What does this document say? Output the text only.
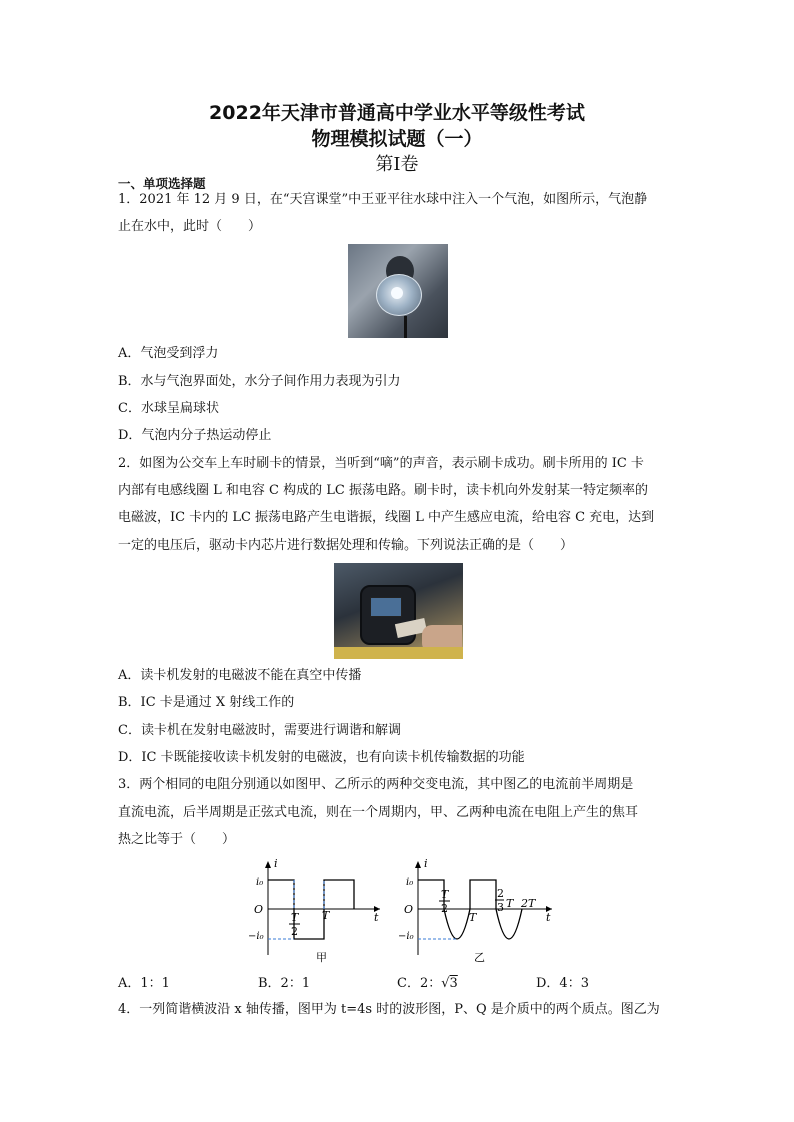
2022年天津市普通高中学业水平等级性考试
物理模拟试题（一）
第Ⅰ卷
一、单项选择题
1．2021 年 12 月 9 日，在“天宫课堂”中王亚平往水球中注入一个气泡，如图所示，气泡静
止在水中，此时（　　）
A．气泡受到浮力
B．水与气泡界面处，水分子间作用力表现为引力
C．水球呈扁球状
D．气泡内分子热运动停止
2．如图为公交车上车时刷卡的情景，当听到“嘀”的声音，表示刷卡成功。刷卡所用的 IC 卡
内部有电感线圈 L 和电容 C 构成的 LC 振荡电路。刷卡时，读卡机向外发射某一特定频率的
电磁波，IC 卡内的 LC 振荡电路产生电谐振，线圈 L 中产生感应电流，给电容 C 充电，达到
一定的电压后，驱动卡内芯片进行数据处理和传输。下列说法正确的是（　　）
A．读卡机发射的电磁波不能在真空中传播
B．IC 卡是通过 X 射线工作的
C．读卡机在发射电磁波时，需要进行调谐和解调
D．IC 卡既能接收读卡机发射的电磁波，也有向读卡机传输数据的功能
3．两个相同的电阻分别通以如图甲、乙所示的两种交变电流，其中图乙的电流前半周期是
直流电流，后半周期是正弦式电流，则在一个周期内，甲、乙两种电流在电阻上产生的焦耳
热之比等于（　　）
i
t
O
i₀
−i₀
T
2
T
甲
i
t
O
i₀
−i₀
T
2
T
2
3 T 2T
乙
A．1：1	B．2：1	C．2：√3	D．4：3
4．一列简谐横波沿 x 轴传播，图甲为 t=4s 时的波形图，P、Q 是介质中的两个质点。图乙为
